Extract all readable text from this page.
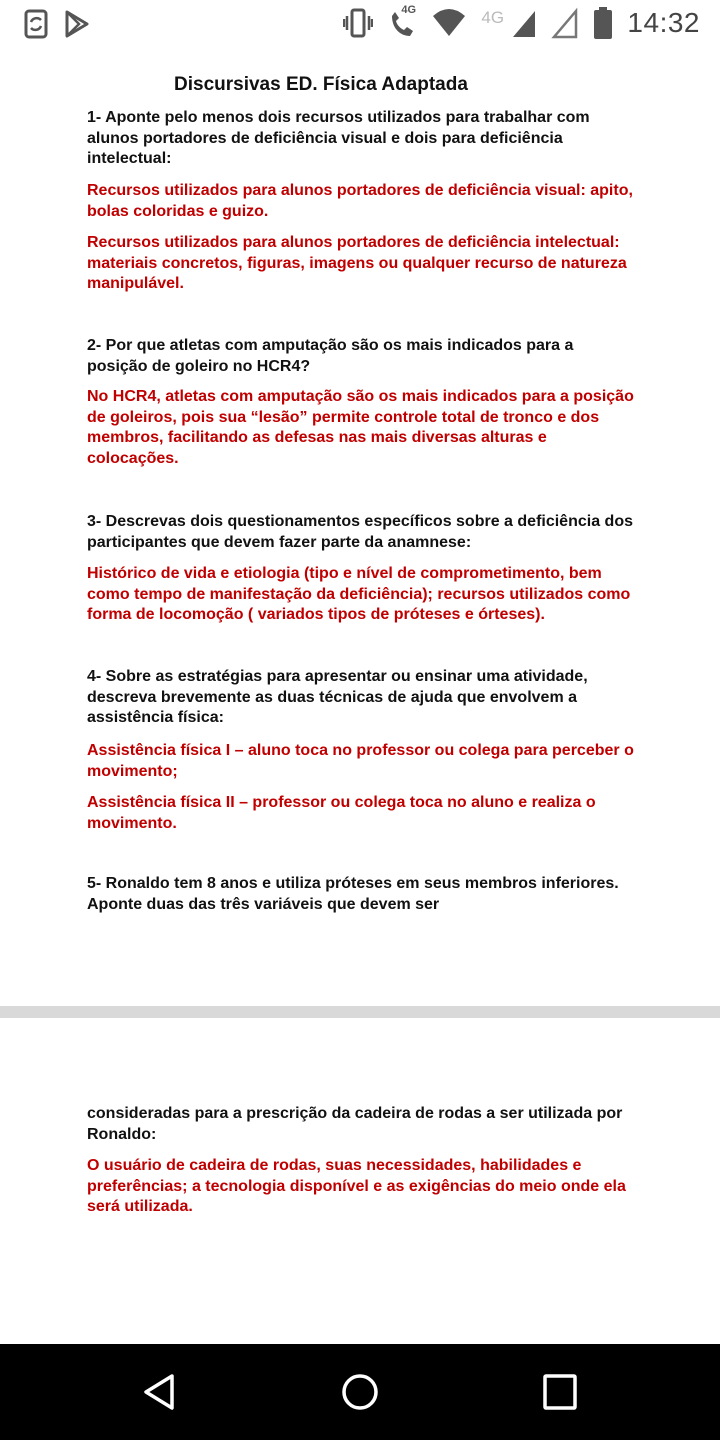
4G	4G	14:32
Discursivas ED. Física Adaptada
1- Aponte pelo menos dois recursos utilizados para trabalhar com alunos portadores de deficiência visual e dois para deficiência intelectual:
Recursos utilizados para alunos portadores de deficiência visual: apito, bolas coloridas e guizo.
Recursos utilizados para alunos portadores de deficiência intelectual: materiais concretos, figuras, imagens ou qualquer recurso de natureza manipulável.
2- Por que atletas com amputação são os mais indicados para a posição de goleiro no HCR4?
No HCR4, atletas com amputação são os mais indicados para a posição de goleiros, pois sua “lesão” permite controle total de tronco e dos membros, facilitando as defesas nas mais diversas alturas e colocações.
3- Descrevas dois questionamentos específicos sobre a deficiência dos participantes que devem fazer parte da anamnese:
Histórico de vida e etiologia (tipo e nível de comprometimento, bem como tempo de manifestação da deficiência); recursos utilizados como forma de locomoção ( variados tipos de próteses e órteses).
4- Sobre as estratégias para apresentar ou ensinar uma atividade, descreva brevemente as duas técnicas de ajuda que envolvem a assistência física:
Assistência física I – aluno toca no professor ou colega para perceber o movimento;
Assistência física II – professor ou colega toca no aluno e realiza o movimento.
5- Ronaldo tem 8 anos e utiliza próteses em seus membros inferiores. Aponte duas das três variáveis que devem ser
consideradas para a prescrição da cadeira de rodas a ser utilizada por Ronaldo:
O usuário de cadeira de rodas, suas necessidades, habilidades e preferências; a tecnologia disponível e as exigências do meio onde ela será utilizada.
